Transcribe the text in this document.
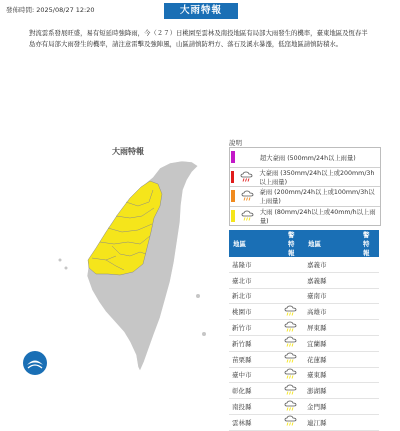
發佈時間: 2025/08/27 12:20	大雨特報
對流雲系發展旺盛，易有短延時強降雨，今（２７）日桃園至雲林及南投地區有局部大雨發生的機率，臺東地區及恆春半島亦有局部大雨發生的機率，請注意雷擊及強陣風，山區請慎防坍方、落石及溪水暴漲，低窪地區請慎防積水。
大雨特報
說明
超大豪雨 (500mm/24h以上雨量)
大豪雨 (350mm/24h以上或200mm/3h以上雨量)
豪雨 (200mm/24h以上或100mm/3h以上雨量)
大雨 (80mm/24h以上或40mm/h以上雨量)
地區	警特報	地區	警特報
基隆市		嘉義市	
臺北市		嘉義縣	
新北市		臺南市	
桃園市		高雄市	
新竹市		屏東縣	
新竹縣		宜蘭縣	
苗栗縣		花蓮縣	
臺中市		臺東縣	
彰化縣		澎湖縣	
南投縣		金門縣	
雲林縣		連江縣	
